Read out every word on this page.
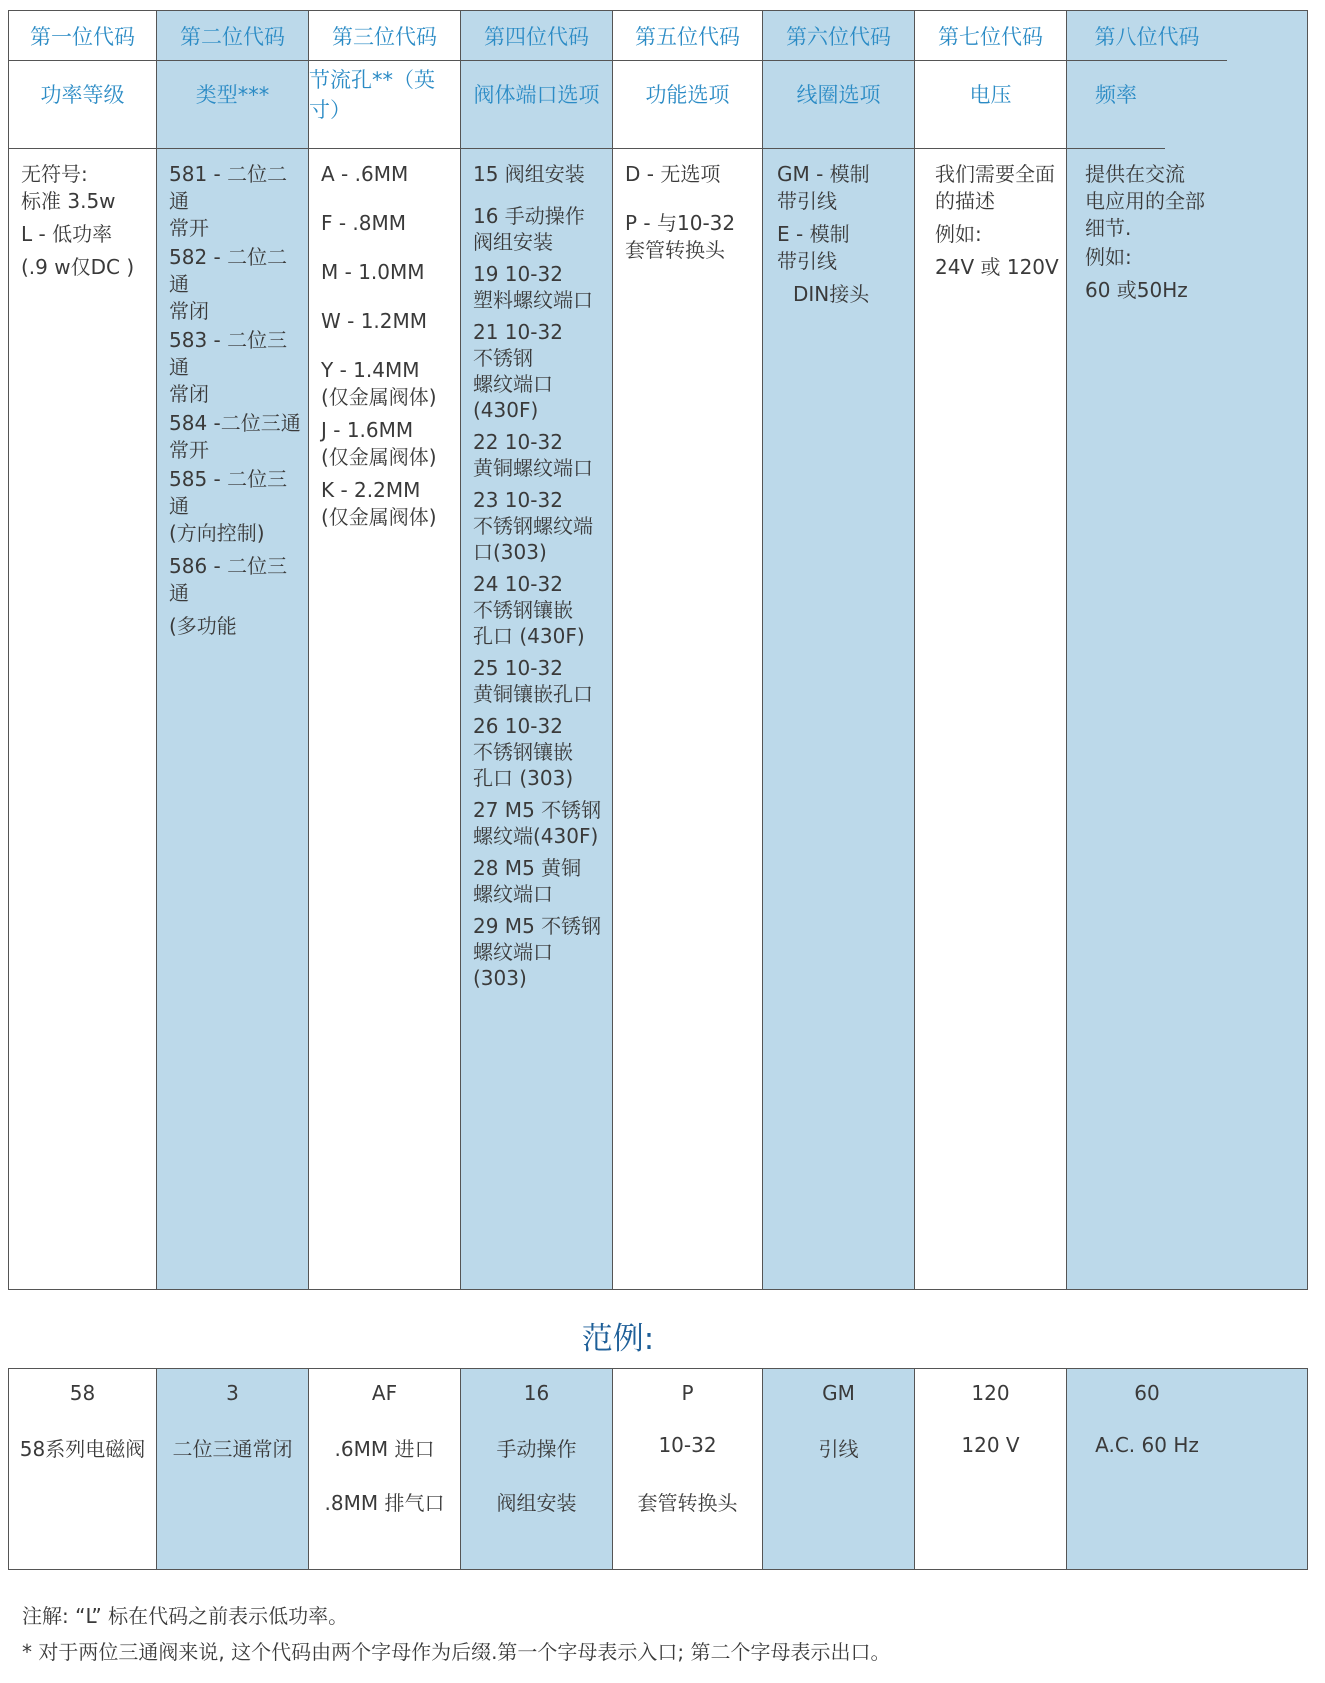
第一位代码
功率等级
无符号:
标准 3.5w
L - 低功率
(.9 w仅DC )
第二位代码
类型***
581 - 二位二通
常开
582 - 二位二通
常闭
583 - 二位三通
常闭
584 -二位三通
常开
585 - 二位三通
(方向控制)
586 - 二位三通
(多功能
第三位代码
节流孔**（英寸）
A - .6MM
F - .8MM
M - 1.0MM
W - 1.2MM
Y - 1.4MM
(仅金属阀体)
J - 1.6MM
(仅金属阀体)
K - 2.2MM
(仅金属阀体)
第四位代码
阀体端口选项
15 阀组安装
16 手动操作
阀组安装
19 10-32
塑料螺纹端口
21 10-32
不锈钢
螺纹端口(430F)
22 10-32
黄铜螺纹端口
23 10-32
不锈钢螺纹端
口(303)
24 10-32
不锈钢镶嵌
孔口 (430F)
25 10-32
黄铜镶嵌孔口
26 10-32
不锈钢镶嵌
孔口 (303)
27 M5 不锈钢
螺纹端(430F)
28 M5 黄铜
螺纹端口
29 M5 不锈钢
螺纹端口(303)
第五位代码
功能选项
D - 无选项
P - 与10-32
套管转换头
第六位代码
线圈选项
GM - 模制
带引线
E - 模制
带引线
DIN接头
第七位代码
电压
我们需要全面
的描述
例如:
24V 或 120V
第八位代码
频率
提供在交流
电应用的全部
细节.
例如:
60 或50Hz
范例:
58
58系列电磁阀
3
二位三通常闭
AF
.6MM 进口
.8MM 排气口
16
手动操作
阀组安装
P
10-32
套管转换头
GM
引线
120
120 V
60
A.C. 60 Hz
注解: “L” 标在代码之前表示低功率。
* 对于两位三通阀来说, 这个代码由两个字母作为后缀.第一个字母表示入口; 第二个字母表示出口。
